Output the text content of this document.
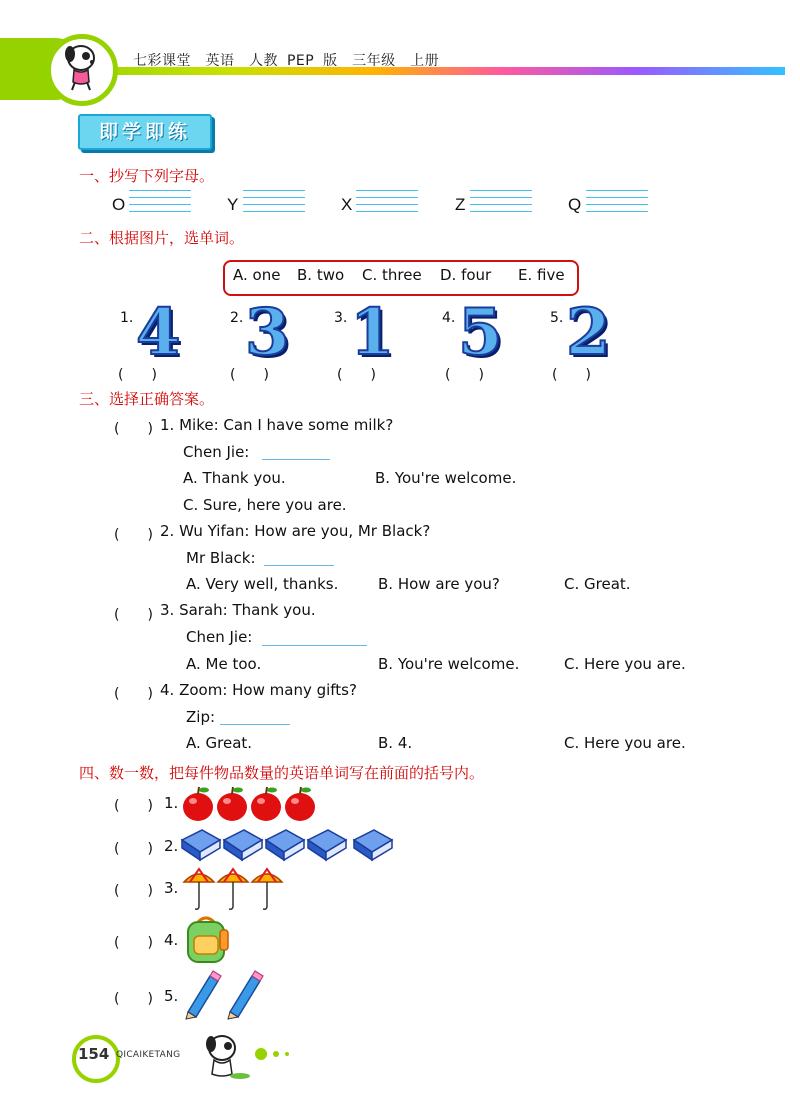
七彩课堂　英语　人教 PEP 版　三年级　上册
即学即练
一、抄写下列字母。
O	Y	X	Z	Q
二、根据图片，选单词。
A. one B. two C. three D. four E. five
1. 4
(　　)
2. 3
(　　)
3. 1
(　　)
4. 5
(　　)
5. 2
(　　)
三、选择正确答案。
(　　) 1. Mike: Can I have some milk?
Chen Jie:
A. Thank you.	B. You're welcome.
C. Sure, here you are.
(　　) 2. Wu Yifan: How are you, Mr Black?
Mr Black:
A. Very well, thanks.	B. How are you?	C. Great.
(　　) 3. Sarah: Thank you.
Chen Jie:
A. Me too.	B. You're welcome.	C. Here you are.
(　　) 4. Zoom: How many gifts?
Zip:
A. Great.	B. 4.	C. Here you are.
四、数一数，把每件物品数量的英语单词写在前面的括号内。
(　　) 1.
(　　) 2.
(　　) 3.
(　　) 4.
(　　) 5.
154 QICAIKETANG
